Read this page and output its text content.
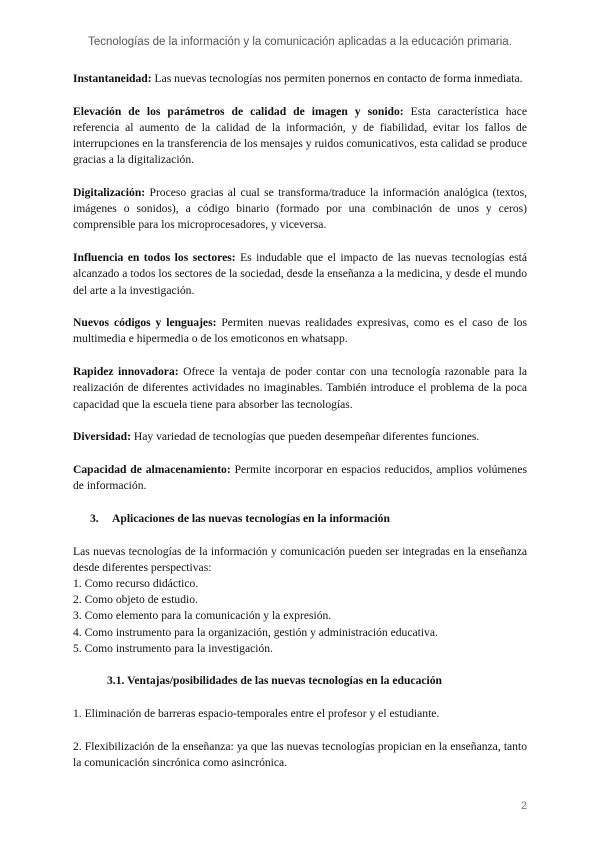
Tecnologías de la información y la comunicación aplicadas a la educación primaria.

Instantaneidad: Las nuevas tecnologías nos permiten ponernos en contacto de forma inmediata.

Elevación de los parámetros de calidad de imagen y sonido: Esta característica hace referencia al aumento de la calidad de la información, y de fiabilidad, evitar los fallos de interrupciones en la transferencia de los mensajes y ruidos comunicativos, esta calidad se produce gracias a la digitalización.

Digitalización: Proceso gracias al cual se transforma/traduce la información analógica (textos, imágenes o sonidos), a código binario (formado por una combinación de unos y ceros) comprensible para los microprocesadores, y viceversa.

Influencia en todos los sectores: Es indudable que el impacto de las nuevas tecnologías está alcanzado a todos los sectores de la sociedad, desde la enseñanza a la medicina, y desde el mundo del arte a la investigación.

Nuevos códigos y lenguajes: Permiten nuevas realidades expresivas, como es el caso de los multimedia e hipermedia o de los emoticonos en whatsapp.

Rapidez innovadora: Ofrece la ventaja de poder contar con una tecnología razonable para la realización de diferentes actividades no imaginables. También introduce el problema de la poca capacidad que la escuela tiene para absorber las tecnologías.

Diversidad: Hay variedad de tecnologías que pueden desempeñar diferentes funciones.

Capacidad de almacenamiento: Permite incorporar en espacios reducidos, amplios volúmenes de información.

3. Aplicaciones de las nuevas tecnologías en la información

Las nuevas tecnologías de la información y comunicación pueden ser integradas en la enseñanza desde diferentes perspectivas:

1. Como recurso didáctico.
2. Como objeto de estudio.
3. Como elemento para la comunicación y la expresión.
4. Como instrumento para la organización, gestión y administración educativa.
5. Como instrumento para la investigación.
3.1. Ventajas/posibilidades de las nuevas tecnologías en la educación

1. Eliminación de barreras espacio-temporales entre el profesor y el estudiante.

2. Flexibilización de la enseñanza: ya que las nuevas tecnologías propician en la enseñanza, tanto la comunicación sincrónica como asincrónica.

2
